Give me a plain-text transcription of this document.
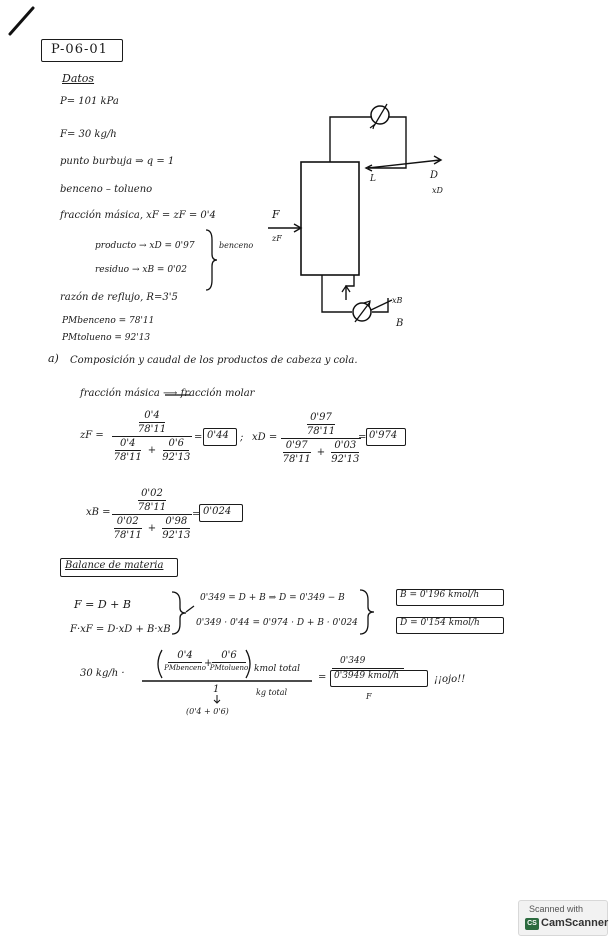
P-06-01
Datos
P= 101 kPa
F= 30 kg/h
punto burbuja ⇒ q = 1
benceno – tolueno
fracción másica, xF = zF = 0'4
producto → xD = 0'97
residuo → xB = 0'02
benceno
razón de reflujo, R=3'5
PMbenceno = 78'11
PMtolueno = 92'13
F
zF
L	D
xD
xB
B
a) Composición y caudal de los productos de cabeza y cola.
fracción másica ⟶ fracción molar
zF =
0'4
78'11
0'4
78'11
+
0'6
92'13
= 0'44 ; xD =
0'97
78'11
0'97
78'11
+
0'03
92'13
= 0'974
xB =
0'02
78'11
0'02
78'11
+
0'98
92'13
= 0'024
Balance de materia
F = D + B
F·xF = D·xD + B·xB
0'349 = D + B ⇒ D = 0'349 − B
0'349 · 0'44 = 0'974 · D + B · 0'024
B = 0'196 kmol/h
D = 0'154 kmol/h
30 kg/h ·
0'4
PMbenceno
+
0'6
PMtolueno kmol total
1	kg total
(0'4 + 0'6)
=
0'349
0'3949 kmol/h
F
¡¡ojo!!
Scanned with
CS CamScanner
